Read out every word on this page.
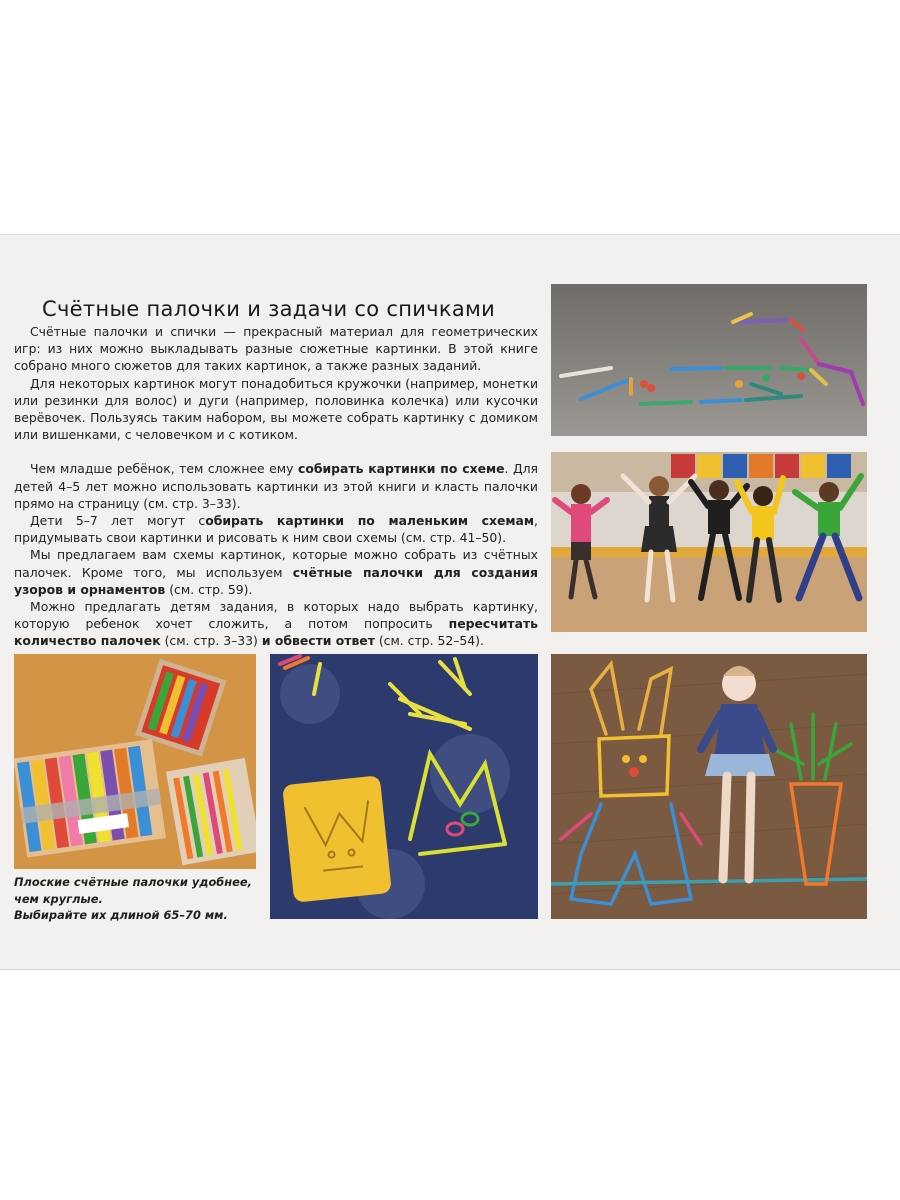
Счётные палочки и задачи со спичками

Счётные палочки и спички — прекрасный материал для геометрических игр: из них можно выкладывать разные сюжетные картинки. В этой книге собрано много сюжетов для таких картинок, а также разных заданий.

Для некоторых картинок могут понадобиться кружочки (например, монетки или резинки для волос) и дуги (например, половинка колечка) или кусочки верёвочек. Пользуясь таким набором, вы можете собрать картинку с домиком или вишенками, с человечком и с котиком.

Чем младше ребёнок, тем сложнее ему собирать картинки по схеме. Для детей 4–5 лет можно использовать картинки из этой книги и класть палочки прямо на страницу (см. стр. 3–33).

Дети 5–7 лет могут собирать картинки по маленьким схемам, придумывать свои картинки и рисовать к ним свои схемы (см. стр. 41–50).

Мы предлагаем вам схемы картинок, которые можно собрать из счётных палочек. Кроме того, мы используем счётные палочки для создания узоров и орнаментов (см. стр. 59).

Можно предлагать детям задания, в которых надо выбрать картинку, которую ребенок хочет сложить, а потом попросить пересчитать количество палочек (см. стр. 3–33) и обвести ответ (см. стр. 52–54).

Плоские счётные палочки удобнее,
чем круглые.
Выбирайте их длиной 65–70 мм.
